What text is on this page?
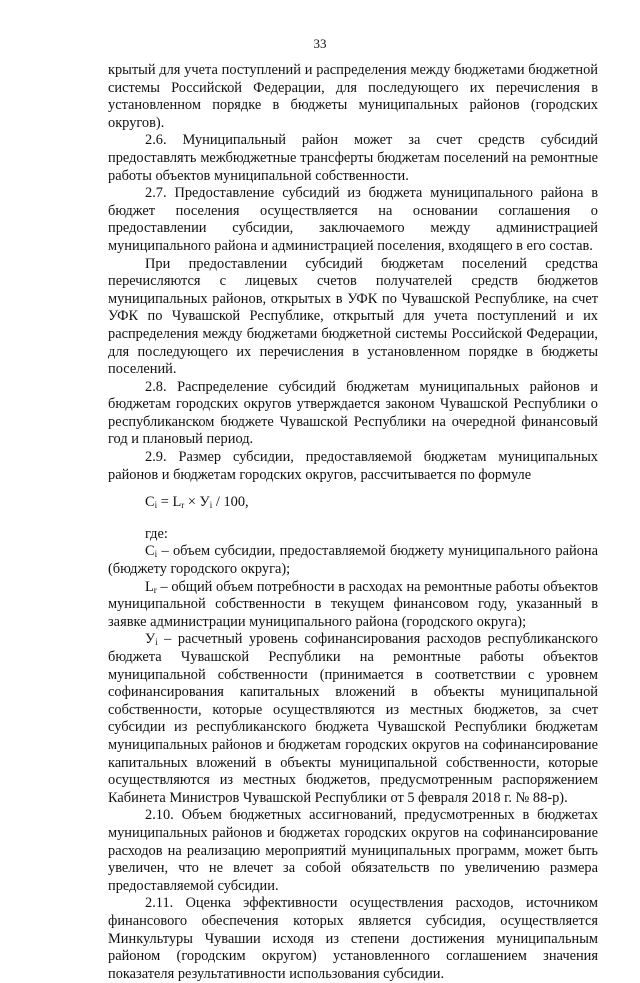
33

крытый для учета поступлений и распределения между бюджетами бюджетной системы Российской Федерации, для последующего их перечисления в установленном порядке в бюджеты муниципальных районов (городских округов).

2.6. Муниципальный район может за счет средств субсидий предоставлять межбюджетные трансферты бюджетам поселений на ремонтные работы объектов муниципальной собственности.

2.7. Предоставление субсидий из бюджета муниципального района в бюджет поселения осуществляется на основании соглашения о предоставлении субсидии, заключаемого между администрацией муниципального района и администрацией поселения, входящего в его состав.

При предоставлении субсидий бюджетам поселений средства перечисляются с лицевых счетов получателей средств бюджетов муниципальных районов, открытых в УФК по Чувашской Республике, на счет УФК по Чувашской Республике, открытый для учета поступлений и их распределения между бюджетами бюджетной системы Российской Федерации, для последующего их перечисления в установленном порядке в бюджеты поселений.

2.8. Распределение субсидий бюджетам муниципальных районов и бюджетам городских округов утверждается законом Чувашской Республики о республиканском бюджете Чувашской Республики на очередной финансовый год и плановый период.

2.9. Размер субсидии, предоставляемой бюджетам муниципальных районов и бюджетам городских округов, рассчитывается по формуле

$C_i = L_r \times У_i / 100$,

где:

$C_i$ – объем субсидии, предоставляемой бюджету муниципального района (бюджету городского округа);

$L_r$ – общий объем потребности в расходах на ремонтные работы объектов муниципальной собственности в текущем финансовом году, указанный в заявке администрации муниципального района (городского округа);

$У_i$ – расчетный уровень софинансирования расходов республиканского бюджета Чувашской Республики на ремонтные работы объектов муниципальной собственности (принимается в соответствии с уровнем софинансирования капитальных вложений в объекты муниципальной собственности, которые осуществляются из местных бюджетов, за счет субсидии из республиканского бюджета Чувашской Республики бюджетам муниципальных районов и бюджетам городских округов на софинансирование капитальных вложений в объекты муниципальной собственности, которые осуществляются из местных бюджетов, предусмотренным распоряжением Кабинета Министров Чувашской Республики от 5 февраля 2018 г. № 88-р).

2.10. Объем бюджетных ассигнований, предусмотренных в бюджетах муниципальных районов и бюджетах городских округов на софинансирование расходов на реализацию мероприятий муниципальных программ, может быть увеличен, что не влечет за собой обязательств по увеличению размера предоставляемой субсидии.

2.11. Оценка эффективности осуществления расходов, источником финансового обеспечения которых является субсидия, осуществляется Минкультуры Чувашии исходя из степени достижения муниципальным районом (городским округом) установленного соглашением значения показателя результативности использования субсидии.
